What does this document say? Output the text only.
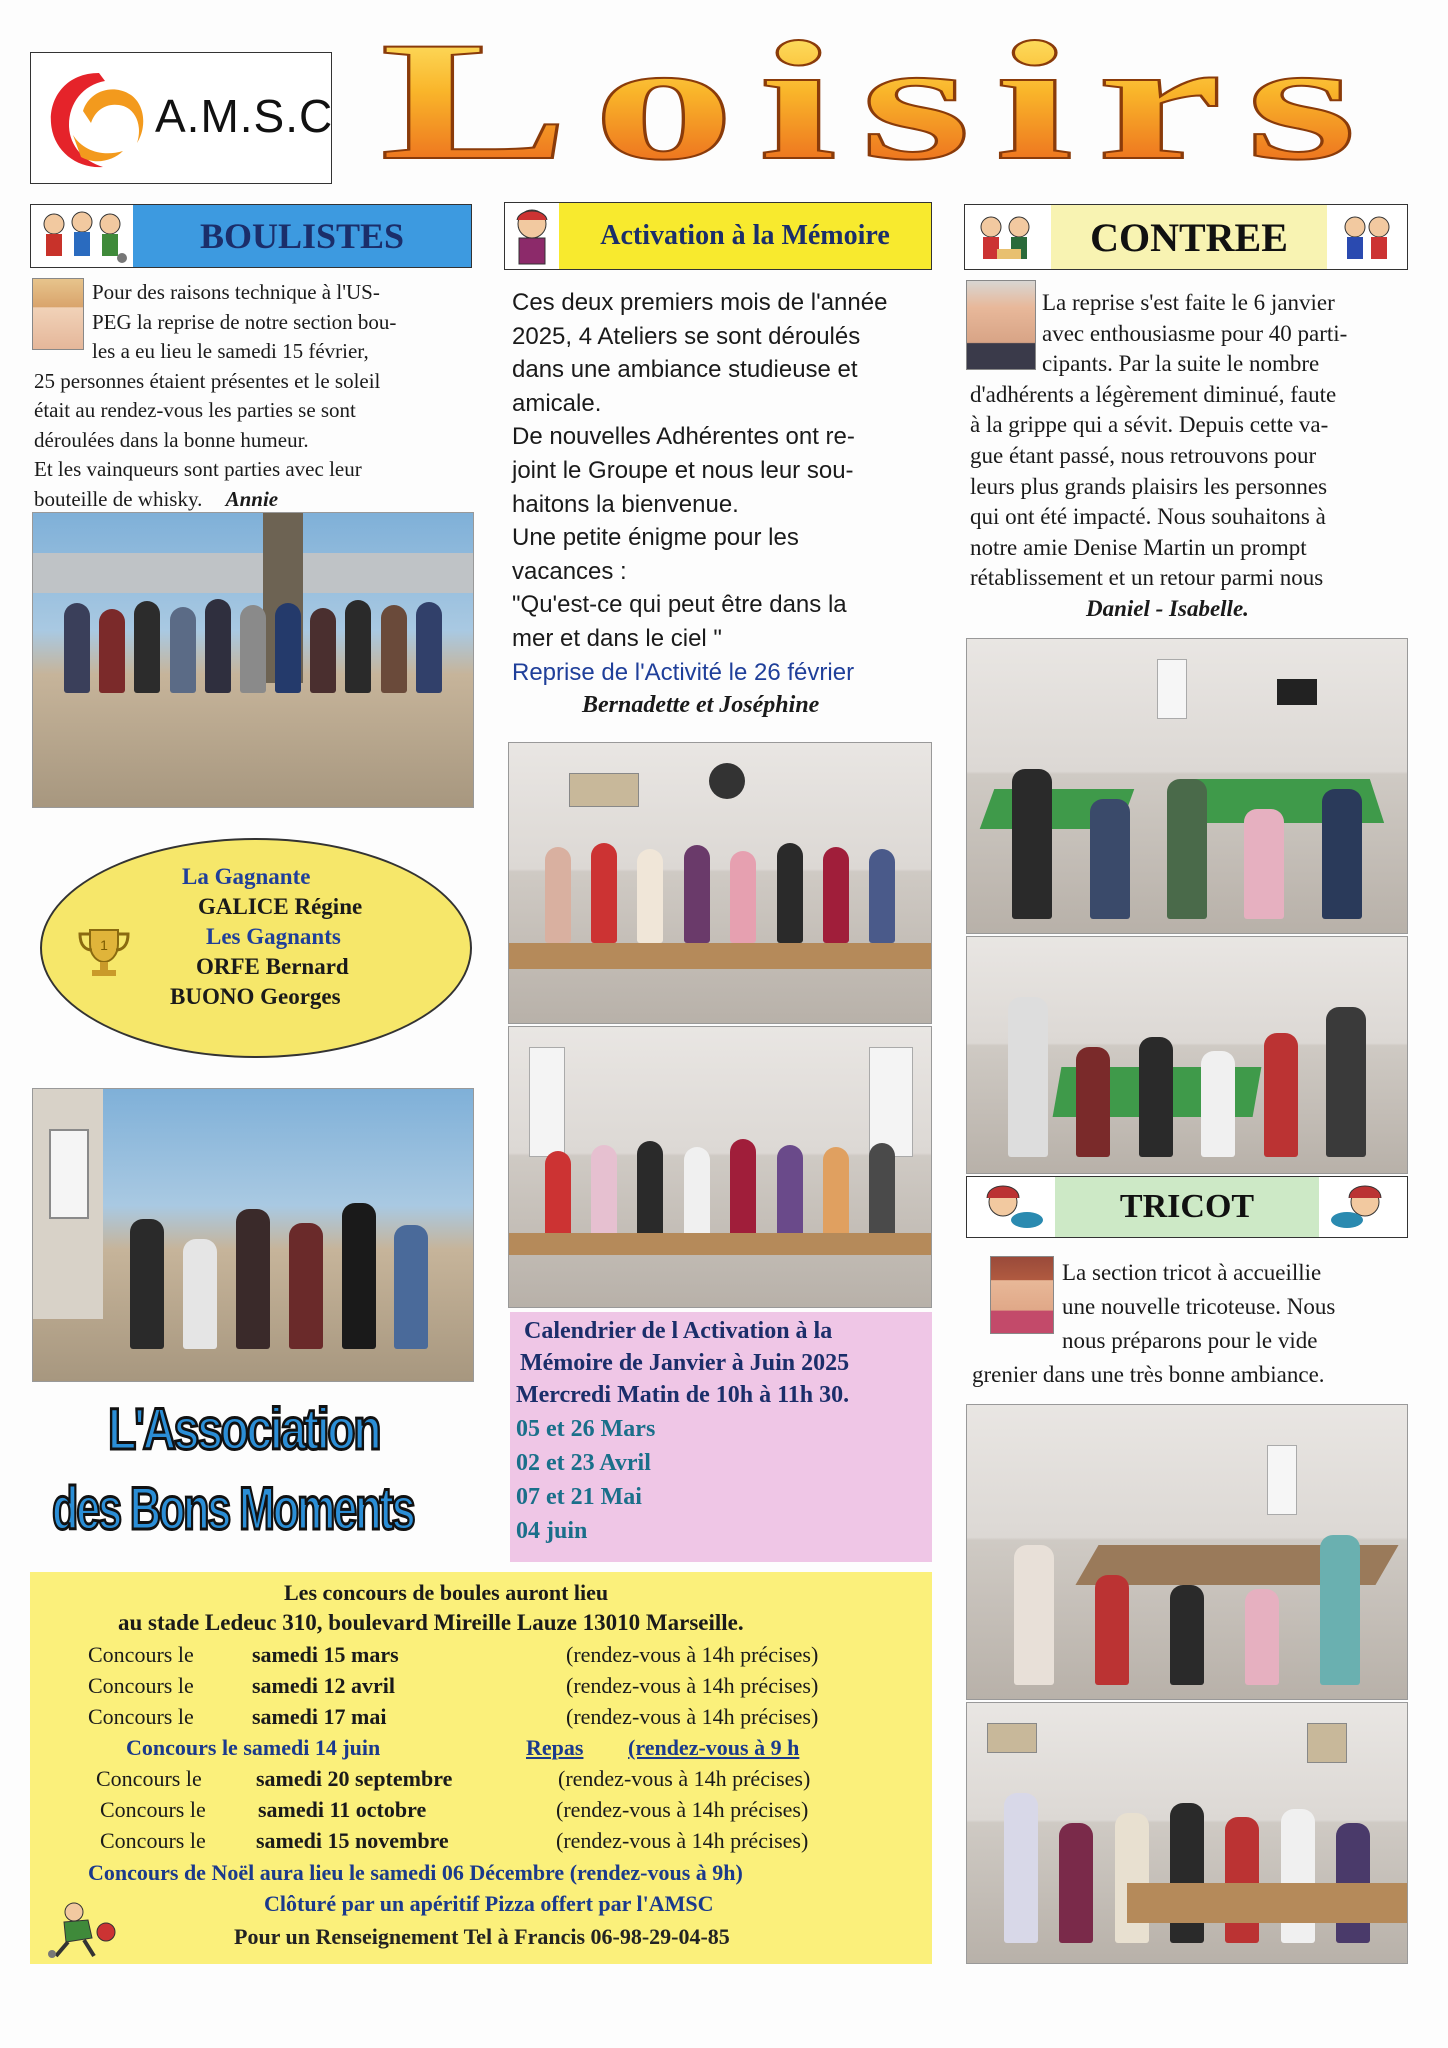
A.M.S.C Loisirs
BOULISTES
Pour des raisons technique à l'US-
PEG la reprise de notre section bou-
les a eu lieu le samedi 15 février,
25 personnes étaient présentes et le soleil
était au rendez-vous les parties se sont
déroulées dans la bonne humeur.
Et les vainqueurs sont parties avec leur
bouteille de whisky. Annie
1
La Gagnante
GALICE Régine
Les Gagnants
ORFE Bernard
BUONO Georges
L'Association
des Bons Moments
Activation à la Mémoire
Ces deux premiers mois de l'année
2025, 4 Ateliers se sont déroulés
dans une ambiance studieuse et
amicale.
De nouvelles Adhérentes ont re-
joint le Groupe et nous leur sou-
haitons la bienvenue.
Une petite énigme pour les
vacances :
"Qu'est-ce qui peut être dans la
mer et dans le ciel "
Reprise de l'Activité le 26 février
Bernadette et Joséphine
Calendrier de l Activation à la
Mémoire de Janvier à Juin 2025
Mercredi Matin de 10h à 11h 30.
05 et 26 Mars
02 et 23 Avril
07 et 21 Mai
04 juin
CONTREE
La reprise s'est faite le 6 janvier
avec enthousiasme pour 40 parti-
cipants. Par la suite le nombre
d'adhérents a légèrement diminué, faute
à la grippe qui a sévit. Depuis cette va-
gue étant passé, nous retrouvons pour
leurs plus grands plaisirs les personnes
qui ont été impacté. Nous souhaitons à
notre amie Denise Martin un prompt
rétablissement et un retour parmi nous
Daniel - Isabelle.
TRICOT
La section tricot à accueillie
une nouvelle tricoteuse. Nous
nous préparons pour le vide
grenier dans une très bonne ambiance.
Les concours de boules auront lieu
au stade Ledeuc 310, boulevard Mireille Lauze 13010 Marseille.
Concours le	samedi 15 mars	(rendez-vous à 14h précises)
Concours le	samedi 12 avril	(rendez-vous à 14h précises)
Concours le	samedi 17 mai	(rendez-vous à 14h précises)
Concours le samedi 14 juin	Repas (rendez-vous à 9 h
Concours le samedi 20 septembre	(rendez-vous à 14h précises)
Concours le samedi 11 octobre	(rendez-vous à 14h précises)
Concours le samedi 15 novembre	(rendez-vous à 14h précises)
Concours de Noël aura lieu le samedi 06 Décembre (rendez-vous à 9h)
Clôturé par un apéritif Pizza offert par l'AMSC
Pour un Renseignement Tel à Francis 06-98-29-04-85
